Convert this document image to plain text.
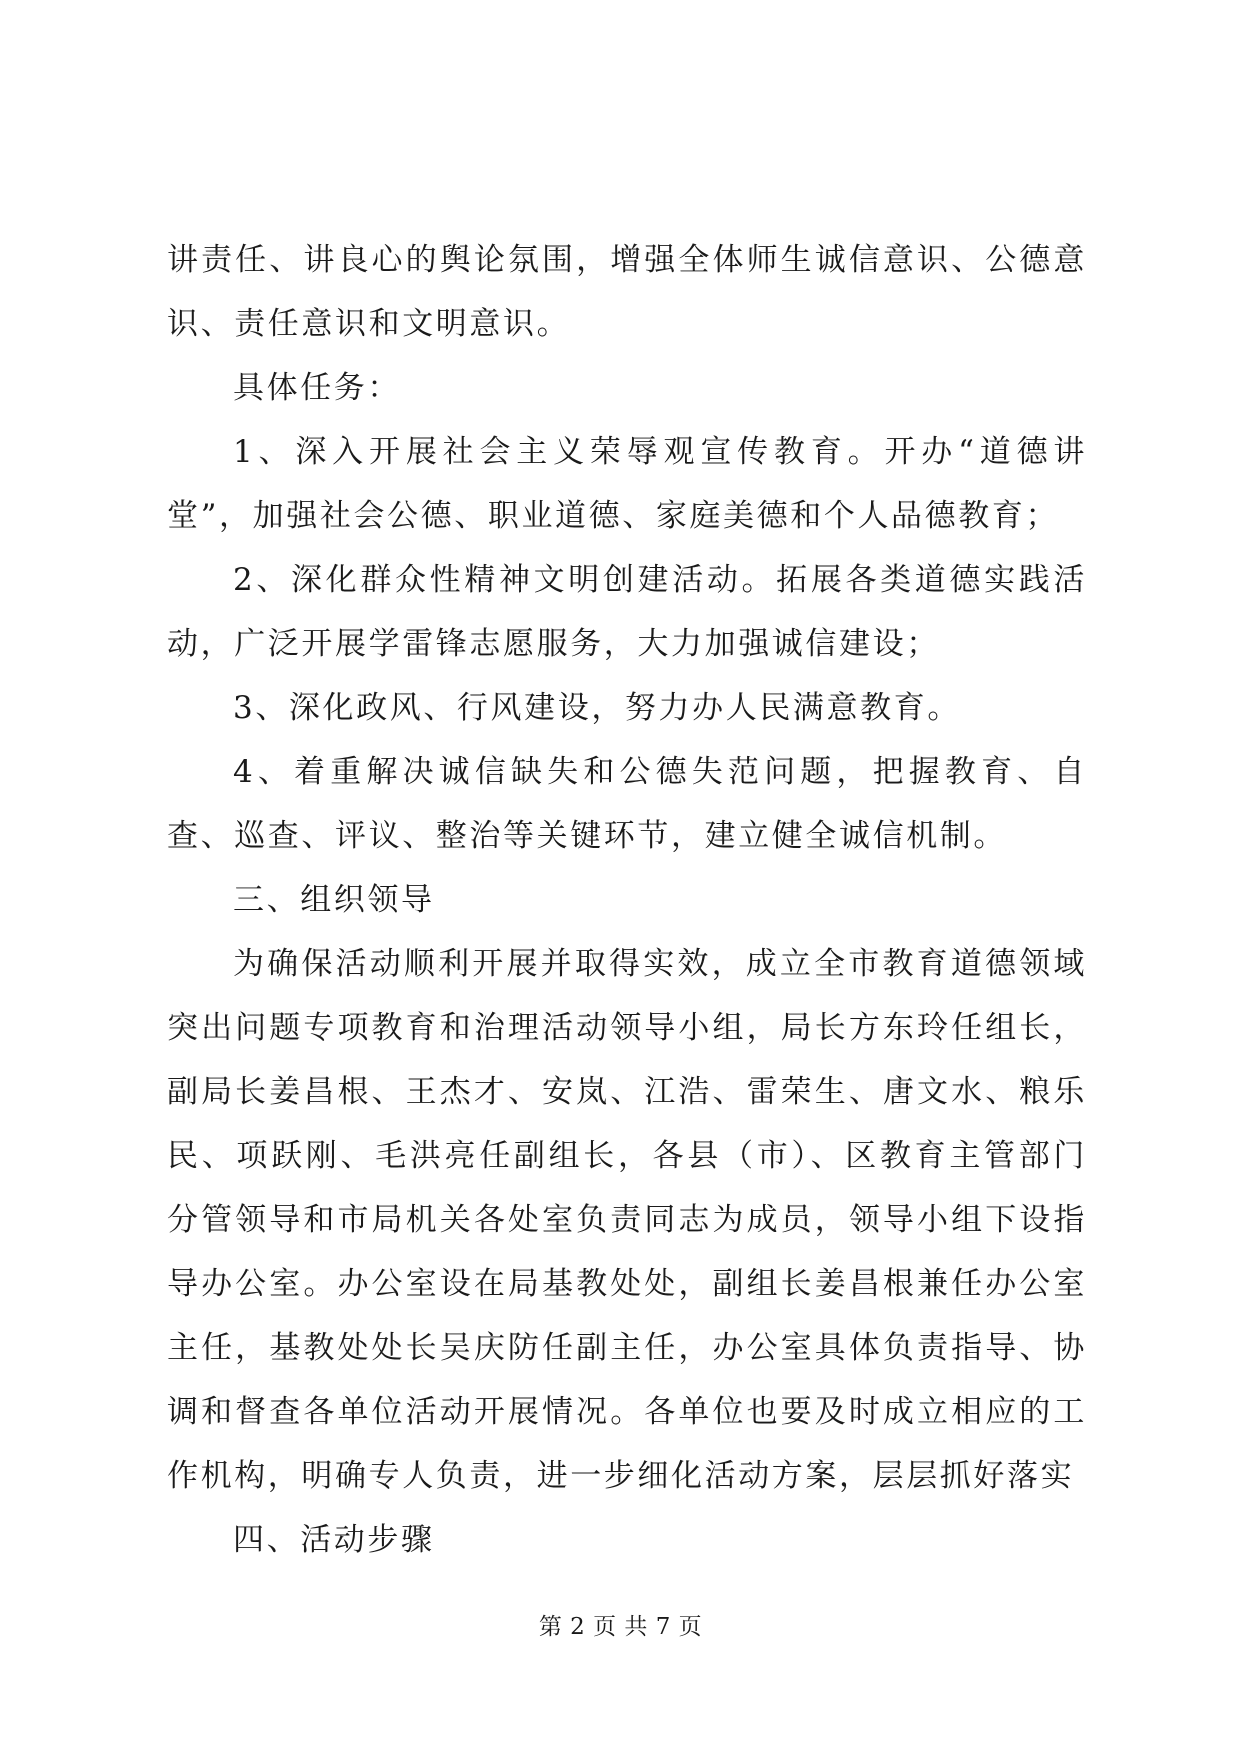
讲责任、讲良心的舆论氛围，增强全体师生诚信意识、公德意识、责任意识和文明意识。

具体任务：

1、深入开展社会主义荣辱观宣传教育。开办“道德讲堂”，加强社会公德、职业道德、家庭美德和个人品德教育；

2、深化群众性精神文明创建活动。拓展各类道德实践活动，广泛开展学雷锋志愿服务，大力加强诚信建设；

3、深化政风、行风建设，努力办人民满意教育。

4、着重解决诚信缺失和公德失范问题，把握教育、自查、巡查、评议、整治等关键环节，建立健全诚信机制。

三、组织领导

为确保活动顺利开展并取得实效，成立全市教育道德领域突出问题专项教育和治理活动领导小组，局长方东玲任组长，副局长姜昌根、王杰才、安岚、江浩、雷荣生、唐文水、粮乐民、项跃刚、毛洪亮任副组长，各县（市）、区教育主管部门分管领导和市局机关各处室负责同志为成员，领导小组下设指导办公室。办公室设在局基教处处，副组长姜昌根兼任办公室主任，基教处处长吴庆防任副主任，办公室具体负责指导、协调和督查各单位活动开展情况。各单位也要及时成立相应的工作机构，明确专人负责，进一步细化活动方案，层层抓好落实

四、活动步骤

第 2 页 共 7 页
